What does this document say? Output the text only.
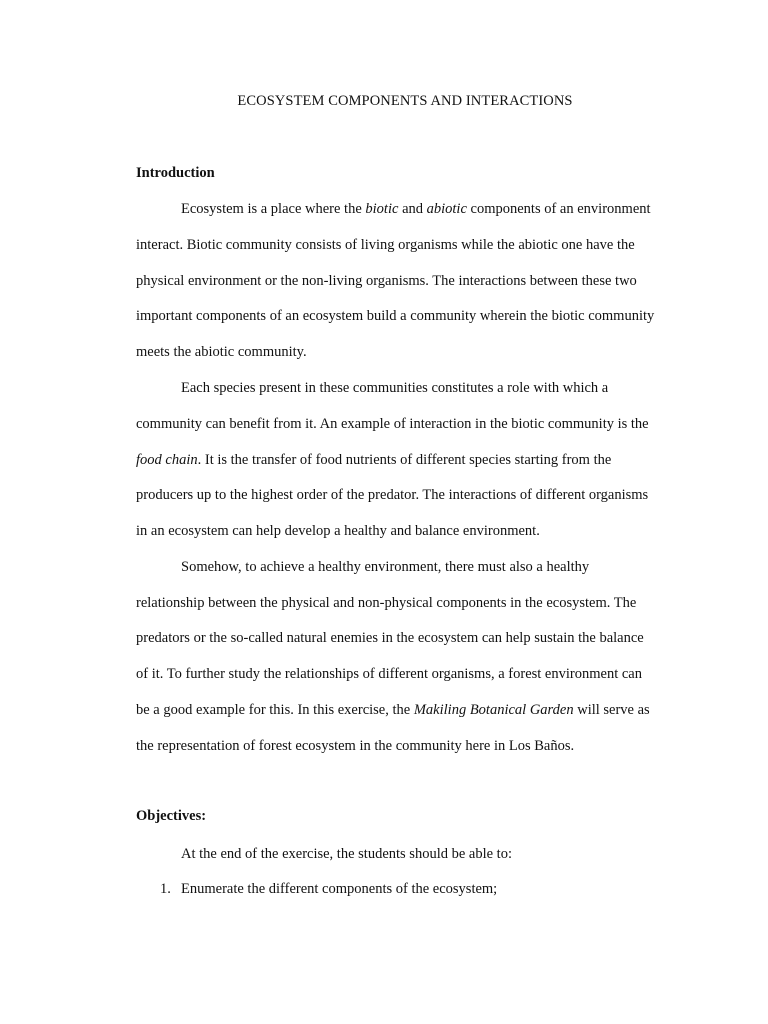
ECOSYSTEM COMPONENTS AND INTERACTIONS
Introduction
Ecosystem is a place where the biotic and abiotic components of an environment
interact. Biotic community consists of living organisms while the abiotic one have the
physical environment or the non-living organisms. The interactions between these two
important components of an ecosystem build a community wherein the biotic community
meets the abiotic community.
Each species present in these communities constitutes a role with which a
community can benefit from it. An example of interaction in the biotic community is the
food chain. It is the transfer of food nutrients of different species starting from the
producers up to the highest order of the predator. The interactions of different organisms
in an ecosystem can help develop a healthy and balance environment.
Somehow, to achieve a healthy environment, there must also a healthy
relationship between the physical and non-physical components in the ecosystem. The
predators or the so-called natural enemies in the ecosystem can help sustain the balance
of it. To further study the relationships of different organisms, a forest environment can
be a good example for this. In this exercise, the Makiling Botanical Garden will serve as
the representation of forest ecosystem in the community here in Los Baños.
Objectives:
At the end of the exercise, the students should be able to:
1. Enumerate the different components of the ecosystem;
